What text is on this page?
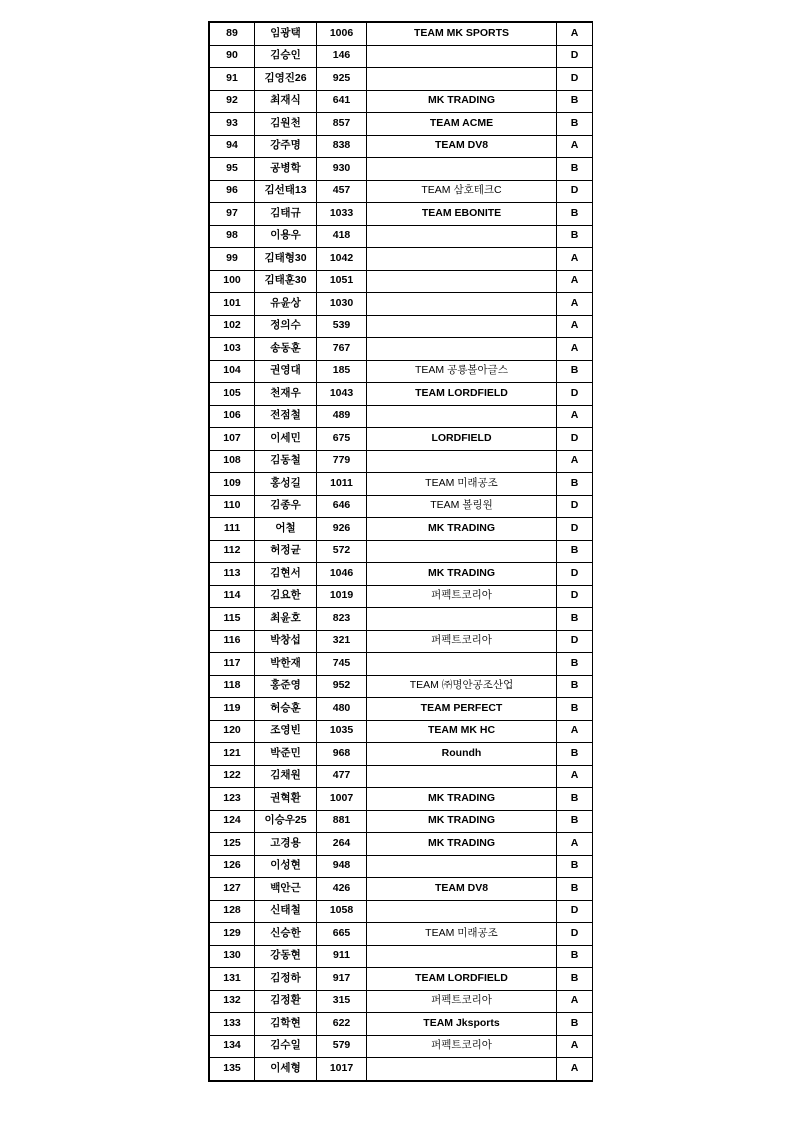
89	임광택	1006	TEAM MK SPORTS	A
90	김승인	146		D
91	김영진26	925		D
92	최재식	641	MK TRADING	B
93	김원천	857	TEAM ACME	B
94	강주명	838	TEAM DV8	A
95	공병학	930		B
96	김선태13	457	TEAM 삼호테크C	D
97	김태규	1033	TEAM EBONITE	B
98	이용우	418		B
99	김태형30	1042		A
100	김태훈30	1051		A
101	유윤상	1030		A
102	정의수	539		A
103	송동훈	767		A
104	권영대	185	TEAM 공룡볼아글스	B
105	천재우	1043	TEAM LORDFIELD	D
106	전점철	489		A
107	이세민	675	LORDFIELD	D
108	김동철	779		A
109	홍성길	1011	TEAM 미래공조	B
110	김종우	646	TEAM 볼링원	D
111	어철	926	MK TRADING	D
112	허정균	572		B
113	김현서	1046	MK TRADING	D
114	김요한	1019	퍼펙트코리아	D
115	최윤호	823		B
116	박창섭	321	퍼펙트코리아	D
117	박한재	745		B
118	홍준영	952	TEAM ㈜명안공조산업	B
119	허승훈	480	TEAM PERFECT	B
120	조영빈	1035	TEAM MK HC	A
121	박준민	968	Roundh	B
122	김채원	477		A
123	권혁환	1007	MK TRADING	B
124	이승우25	881	MK TRADING	B
125	고경용	264	MK TRADING	A
126	이성현	948		B
127	백안근	426	TEAM DV8	B
128	신태철	1058		D
129	신승한	665	TEAM 미래공조	D
130	강동현	911		B
131	김정하	917	TEAM LORDFIELD	B
132	김정환	315	퍼펙트코리아	A
133	김학현	622	TEAM Jksports	B
134	김수일	579	퍼펙트코리아	A
135	이세형	1017		A
